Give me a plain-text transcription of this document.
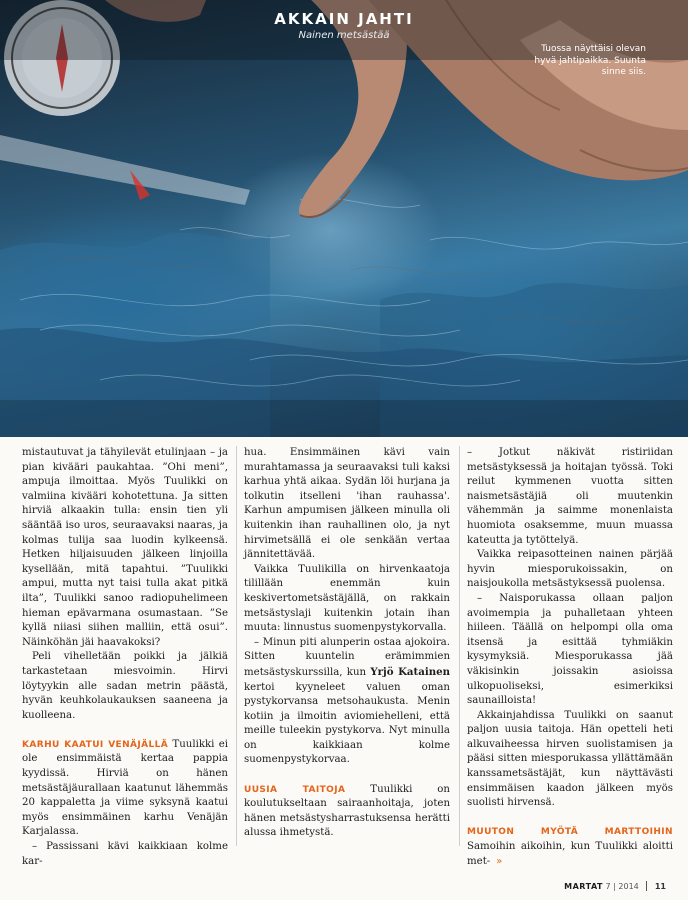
AKKAIN JAHTI
Nainen metsästää
Tuossa näyttäisi olevan hyvä jahtipaikka. Suunta sinne siis.

mistautuvat ja tähyilevät etulinjaan – ja pian kivääri paukahtaa. ”Ohi meni”, ampuja ilmoittaa. Myös Tuulikki on valmiina kivääri kohotettuna. Ja sitten hirviä alkaakin tulla: ensin tien yli sääntää iso uros, seuraavaksi naaras, ja kolmas tulija saa luodin kylkeensä. Hetken hiljaisuuden jälkeen linjoilla kysellään, mitä tapahtui. ”Tuulikki ampui, mutta nyt taisi tulla akat pitkä ilta”, Tuulikki sanoo radiopuhelimeen hieman epävarmana osumastaan. ”Se kyllä niiasi siihen malliin, että osui”. Näinköhän jäi haavakoksi?

Peli vihelletään poikki ja jälkiä tarkastetaan miesvoimin. Hirvi löytyykin alle sadan metrin päästä, hyvän keuhkolaukauksen saaneena ja kuolleena.

KARHU KAATUI VENÄJÄLLÄ Tuulikki ei ole ensimmäistä kertaa pappia kyydissä. Hirviä on hänen metsästäjäurallaan kaatunut lähemmäs 20 kappaletta ja viime syksynä kaatui myös ensimmäinen karhu Venäjän Karjalassa.

– Passissani kävi kaikkiaan kolme kar-

hua. Ensimmäinen kävi vain murahtamassa ja seuraavaksi tuli kaksi karhua yhtä aikaa. Sydän löi hurjana ja tolkutin itselleni 'ihan rauhassa'. Karhun ampumisen jälkeen minulla oli kuitenkin ihan rauhallinen olo, ja nyt hirvimetsällä ei ole senkään vertaa jännitettävää.

Vaikka Tuulikilla on hirvenkaatoja tilillään enemmän kuin keskivertometsästäjällä, on rakkain metsästyslaji kuitenkin jotain ihan muuta: linnustus suomenpystykorvalla.

– Minun piti alunperin ostaa ajokoira. Sitten kuuntelin erämimmien metsästyskurssilla, kun Yrjö Katainen kertoi kyyneleet valuen oman pystykorvansa metsohaukusta. Menin kotiin ja ilmoitin aviomiehelleni, että meille tuleekin pystykorva. Nyt minulla on kaikkiaan kolme suomenpystykorvaa.

UUSIA TAITOJA Tuulikki on koulutukseltaan sairaanhoitaja, joten hänen metsästysharrastuksensa herätti alussa ihmetystä.

– Jotkut näkivät ristiriidan metsästyksessä ja hoitajan työssä. Toki reilut kymmenen vuotta sitten naismetsästäjiä oli muutenkin vähemmän ja saimme monenlaista huomiota osaksemme, muun muassa kateutta ja tytöttelyä.

Vaikka reipasotteinen nainen pärjää hyvin miesporukoissakin, on naisjoukolla metsästyksessä puolensa.

– Naisporukassa ollaan paljon avoimempia ja puhalletaan yhteen hiileen. Täällä on helpompi olla oma itsensä ja esittää tyhmiäkin kysymyksiä. Miesporukassa jää väkisinkin joissakin asioissa ulkopuoliseksi, esimerkiksi saunailloista!

Akkainjahdissa Tuulikki on saanut paljon uusia taitoja. Hän opetteli heti alkuvaiheessa hirven suolistamisen ja pääsi sitten miesporukassa yllättämään kanssametsästäjät, kun näyttävästi ensimmäisen kaadon jälkeen myös suolisti hirvensä.

MUUTON MYÖTÄ MARTTOIHIN Samoihin aikoihin, kun Tuulikki aloitti met- »

MARTAT 7 | 2014 11
